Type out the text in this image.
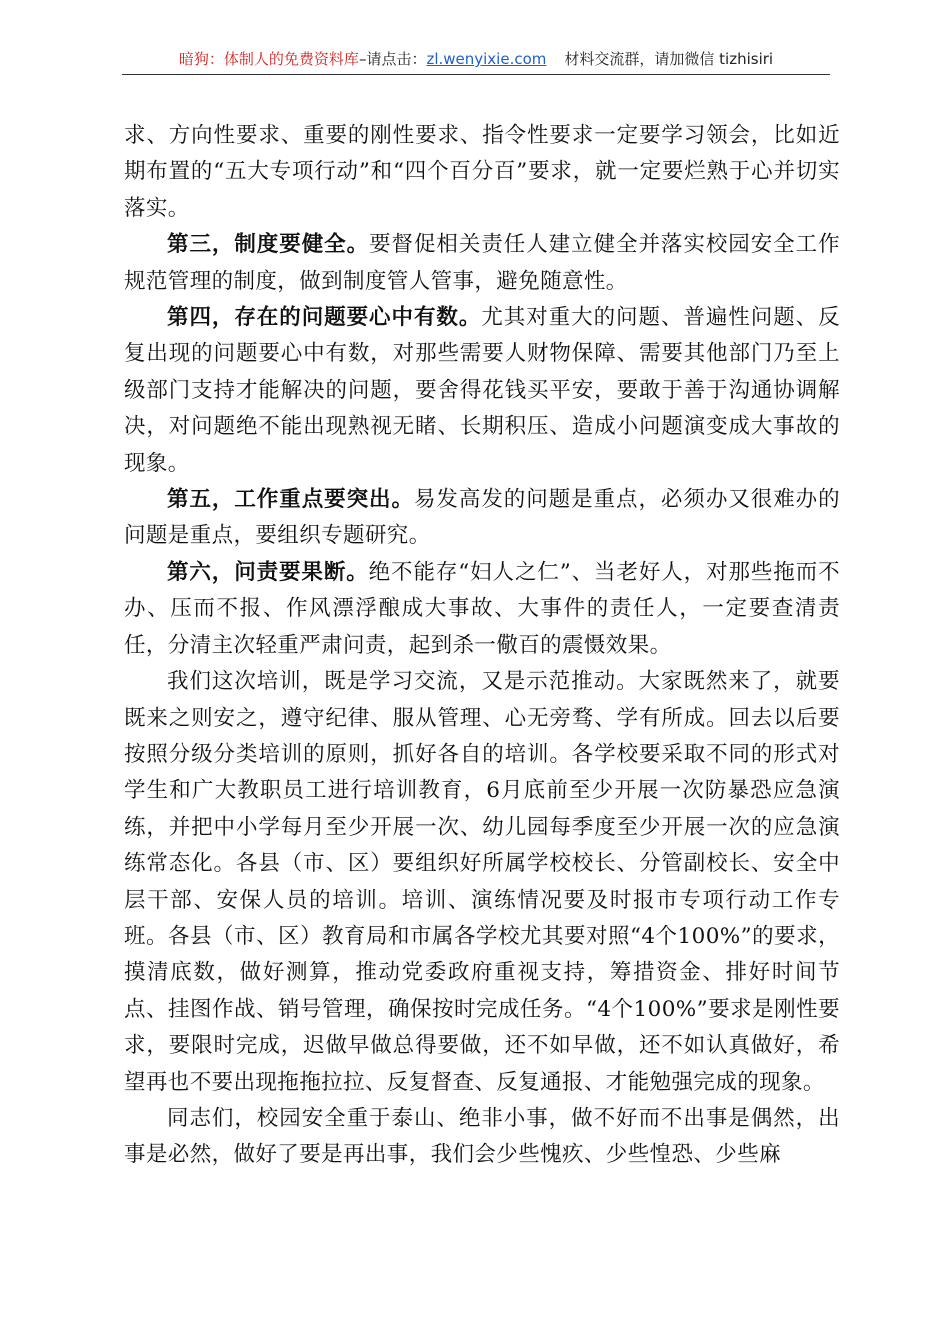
暗狗：体制人的免费资料库–请点击：zl.wenyixie.com 材料交流群，请加微信 tizhisiri

求、方向性要求、重要的刚性要求、指令性要求一定要学习领会，比如近期布置的“五大专项行动”和“四个百分百”要求，就一定要烂熟于心并切实落实。

第三，制度要健全。要督促相关责任人建立健全并落实校园安全工作规范管理的制度，做到制度管人管事，避免随意性。

第四，存在的问题要心中有数。尤其对重大的问题、普遍性问题、反复出现的问题要心中有数，对那些需要人财物保障、需要其他部门乃至上级部门支持才能解决的问题，要舍得花钱买平安，要敢于善于沟通协调解决，对问题绝不能出现熟视无睹、长期积压、造成小问题演变成大事故的现象。

第五，工作重点要突出。易发高发的问题是重点，必须办又很难办的问题是重点，要组织专题研究。

第六，问责要果断。绝不能存“妇人之仁”、当老好人，对那些拖而不办、压而不报、作风漂浮酿成大事故、大事件的责任人，一定要查清责任，分清主次轻重严肃问责，起到杀一儆百的震慑效果。

我们这次培训，既是学习交流，又是示范推动。大家既然来了，就要既来之则安之，遵守纪律、服从管理、心无旁骛、学有所成。回去以后要按照分级分类培训的原则，抓好各自的培训。各学校要采取不同的形式对学生和广大教职员工进行培训教育，6月底前至少开展一次防暴恐应急演练，并把中小学每月至少开展一次、幼儿园每季度至少开展一次的应急演练常态化。各县（市、区）要组织好所属学校校长、分管副校长、安全中层干部、安保人员的培训。培训、演练情况要及时报市专项行动工作专班。各县（市、区）教育局和市属各学校尤其要对照“4个100%”的要求，摸清底数，做好测算，推动党委政府重视支持，筹措资金、排好时间节点、挂图作战、销号管理，确保按时完成任务。“4个100%”要求是刚性要求，要限时完成，迟做早做总得要做，还不如早做，还不如认真做好，希望再也不要出现拖拖拉拉、反复督查、反复通报、才能勉强完成的现象。

同志们，校园安全重于泰山、绝非小事，做不好而不出事是偶然，出事是必然，做好了要是再出事，我们会少些愧疚、少些惶恐、少些麻
